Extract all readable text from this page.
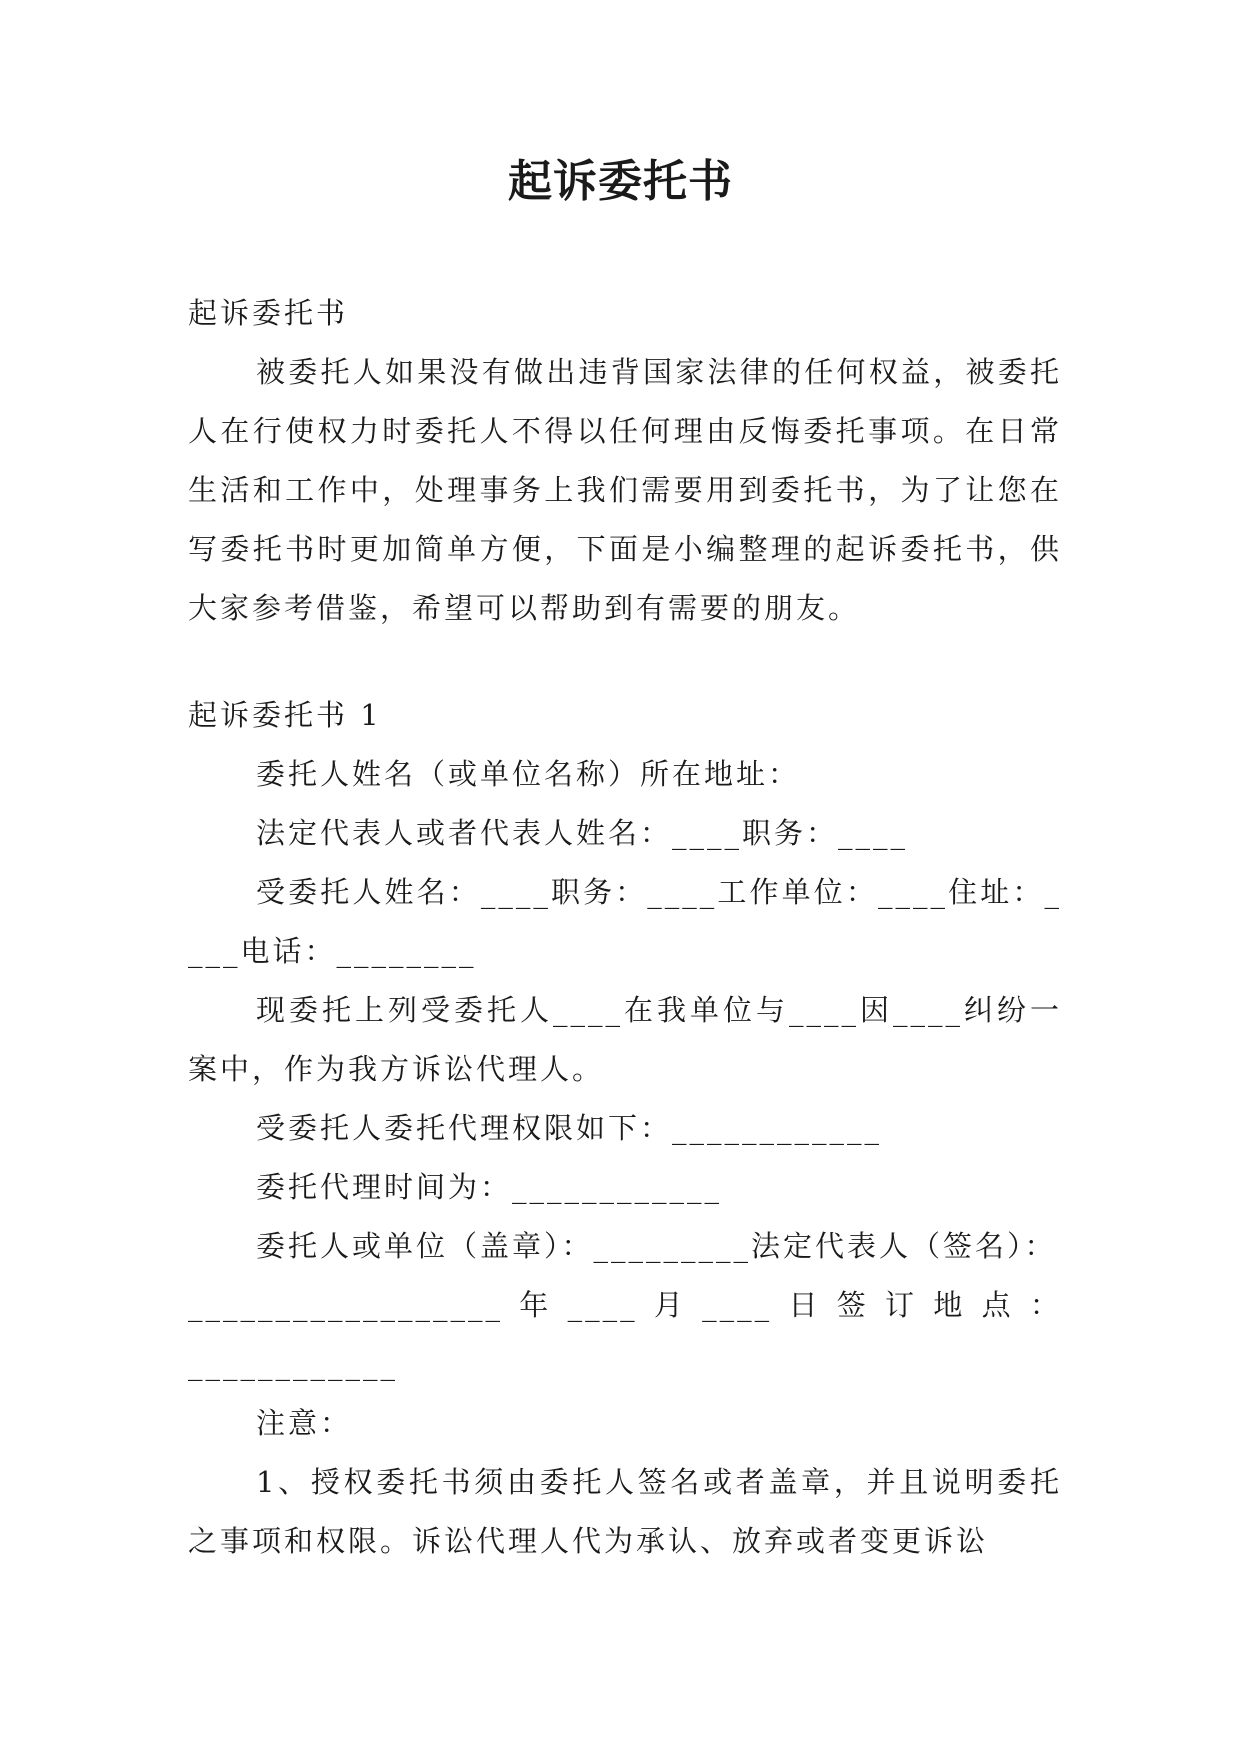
起诉委托书

起诉委托书

被委托人如果没有做出违背国家法律的任何权益，被委托人在行使权力时委托人不得以任何理由反悔委托事项。在日常生活和工作中，处理事务上我们需要用到委托书，为了让您在写委托书时更加简单方便，下面是小编整理的起诉委托书，供大家参考借鉴，希望可以帮助到有需要的朋友。

起诉委托书 1

委托人姓名（或单位名称）所在地址：

法定代表人或者代表人姓名：____职务：____

受委托人姓名：____职务：____工作单位：____住址：____电话：________

现委托上列受委托人____在我单位与____因____纠纷一案中，作为我方诉讼代理人。

受委托人委托代理权限如下：____________

委托代理时间为：____________

委托人或单位（盖章）：_________法定代表人（签名）：

__________________ 年 ____ 月 ____ 日 签 订 地 点 ：

____________

注意：

1、授权委托书须由委托人签名或者盖章，并且说明委托之事项和权限。诉讼代理人代为承认、放弃或者变更诉讼
